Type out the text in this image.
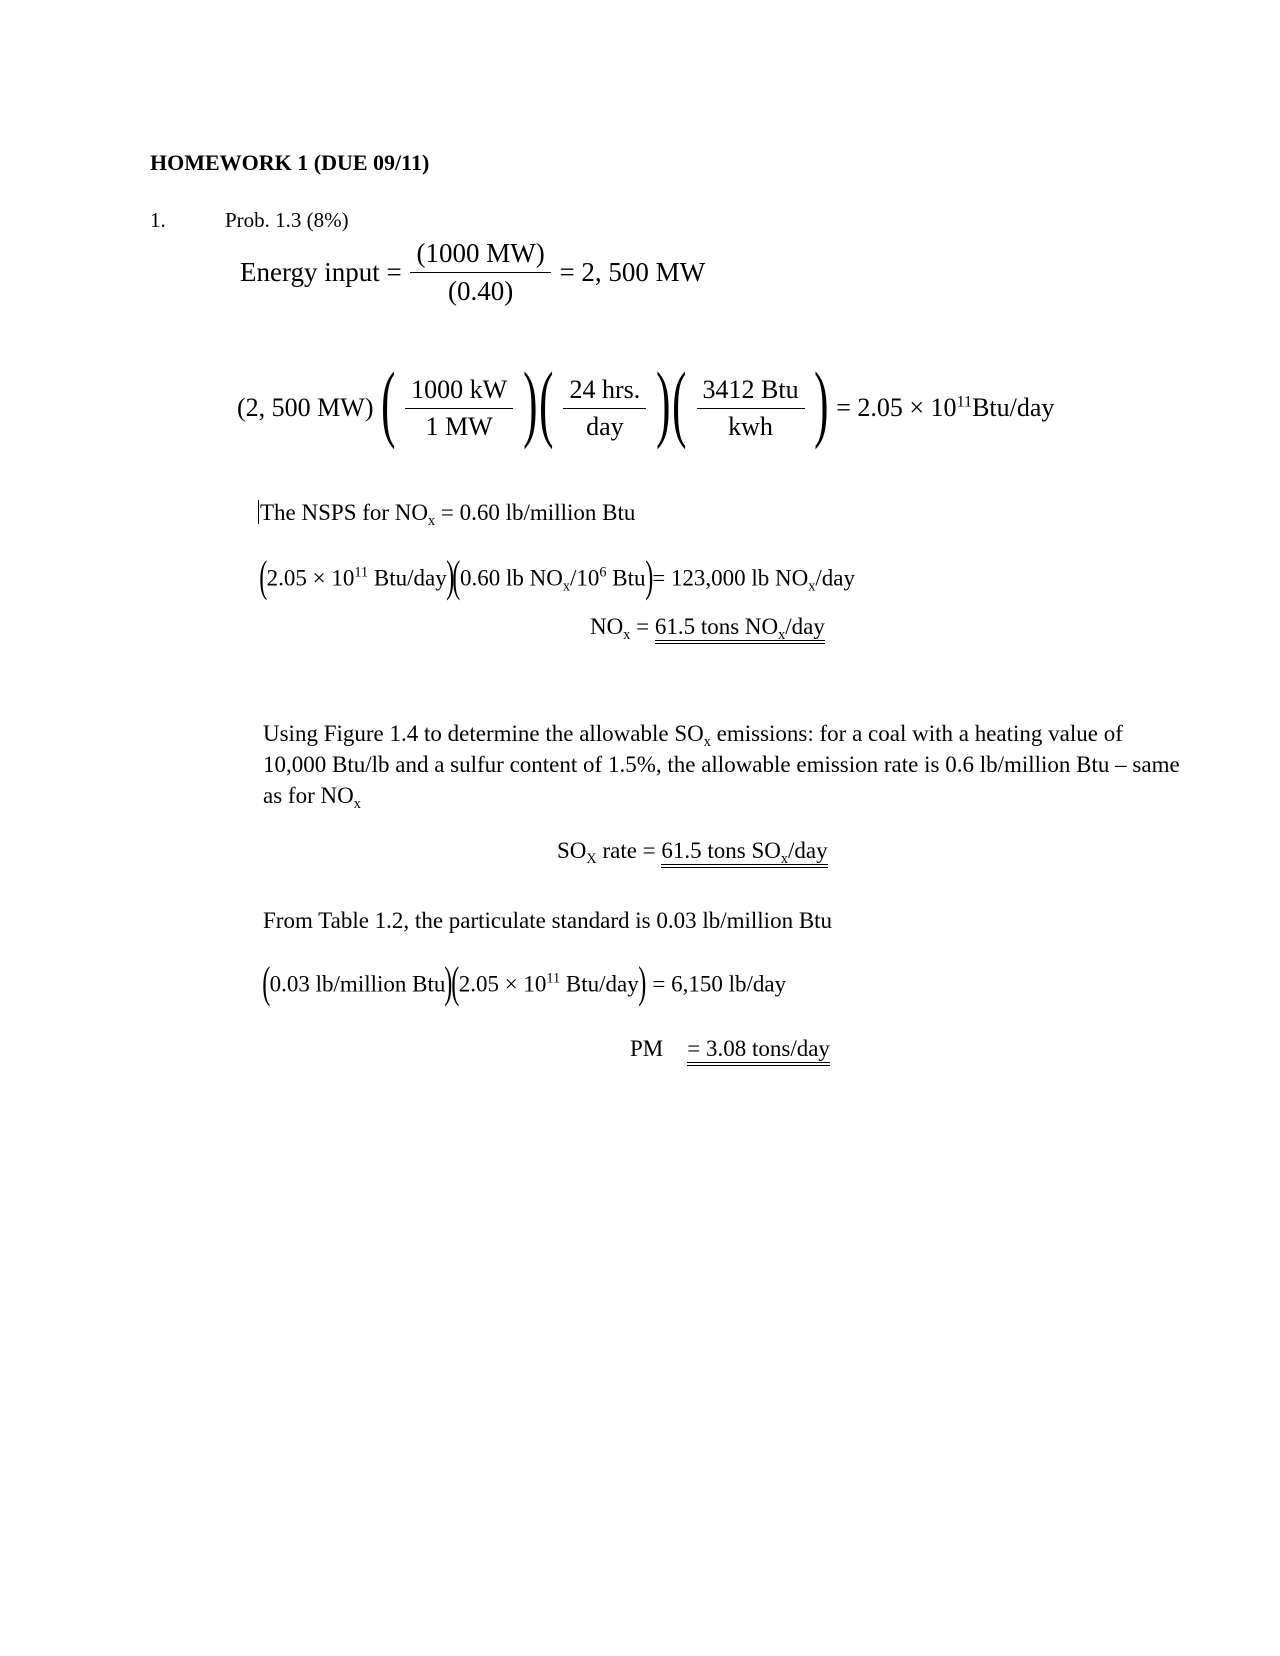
HOMEWORK 1 (DUE 09/11)
1.	Prob. 1.3 (8%)
Energy input = $\frac{(1000 MW)}{(0.40)} = 2$, 500 MW
(2, 500 MW) ( $\frac{1000 kW}{1 MW}$ )( $\frac{\text{24 hrs.}}{\text{day}}$ )( $\frac{\text{3412 Btu}}{\text{kwh}}$ ) = $2.05 \times 10^{11}Btu$/day
The NSPS for $NO_x = 0.60$ lb/million Btu
($2.05 \times 10^{11}$ Btu/day)(0.60 lb $NO_x/10^6$ Btu)= 123,000 lb $NO_x$/day
$NO_x = 61.5$ tons $NO_x$/day
Using Figure 1.4 to determine the allowable $SO_x$ emissions: for a coal with a heating value of 10,000 Btu/lb and a sulfur content of 1.5%, the allowable emission rate is 0.6 lb/million Btu – same as for $NO_x$
$SO_X$ rate = 61.5 tons $SO_x$/day
From Table 1.2, the particulate standard is 0.03 lb/million Btu
(0.03 lb/million $Btu)(2.05 \times 10^{11}$ Btu/day) = 6,150 lb/day
PM = 3.08 tons/day
